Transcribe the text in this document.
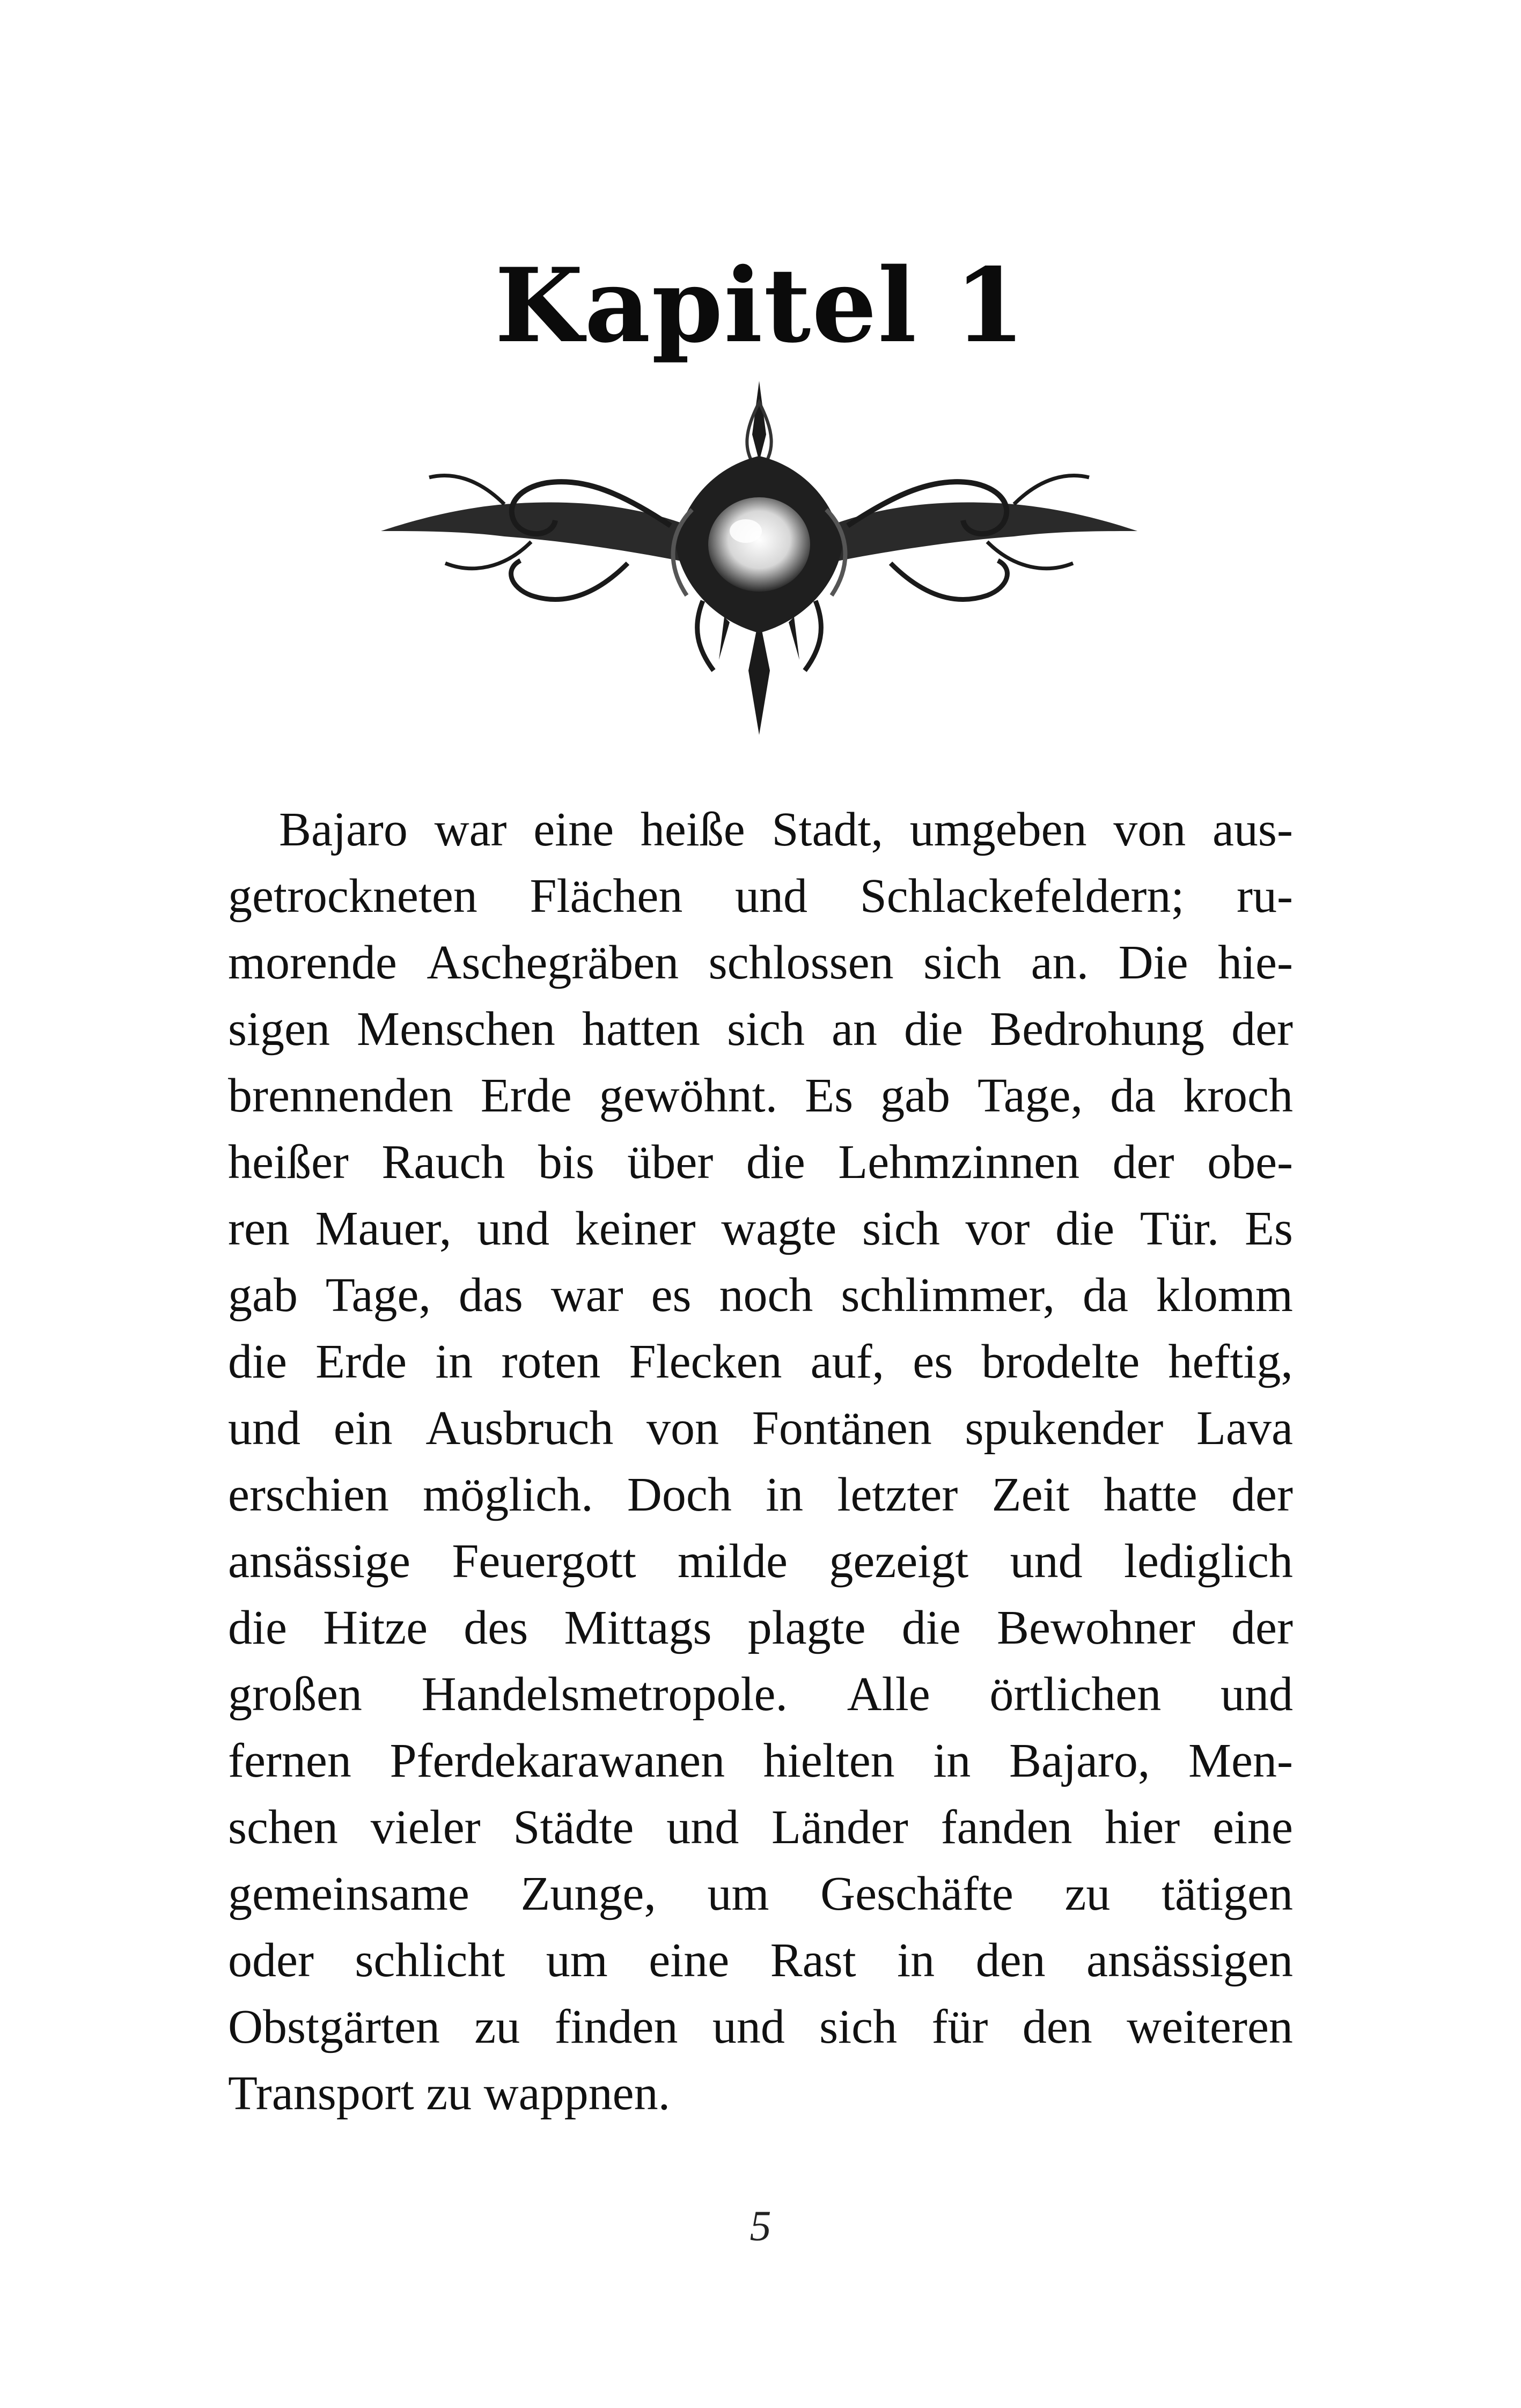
Kapitel 1
Bajaro war eine heiße Stadt, umgeben von aus-
getrockneten Flächen und Schlackefeldern; ru-
morende Aschegräben schlossen sich an. Die hie-
sigen Menschen hatten sich an die Bedrohung der
brennenden Erde gewöhnt. Es gab Tage, da kroch
heißer Rauch bis über die Lehmzinnen der obe-
ren Mauer, und keiner wagte sich vor die Tür. Es
gab Tage, das war es noch schlimmer, da klomm
die Erde in roten Flecken auf, es brodelte heftig,
und ein Ausbruch von Fontänen spukender Lava
erschien möglich. Doch in letzter Zeit hatte der
ansässige Feuergott milde gezeigt und lediglich
die Hitze des Mittags plagte die Bewohner der
großen Handelsmetropole. Alle örtlichen und
fernen Pferdekarawanen hielten in Bajaro, Men-
schen vieler Städte und Länder fanden hier eine
gemeinsame Zunge, um Geschäfte zu tätigen
oder schlicht um eine Rast in den ansässigen
Obstgärten zu finden und sich für den weiteren
Transport zu wappnen.
5
